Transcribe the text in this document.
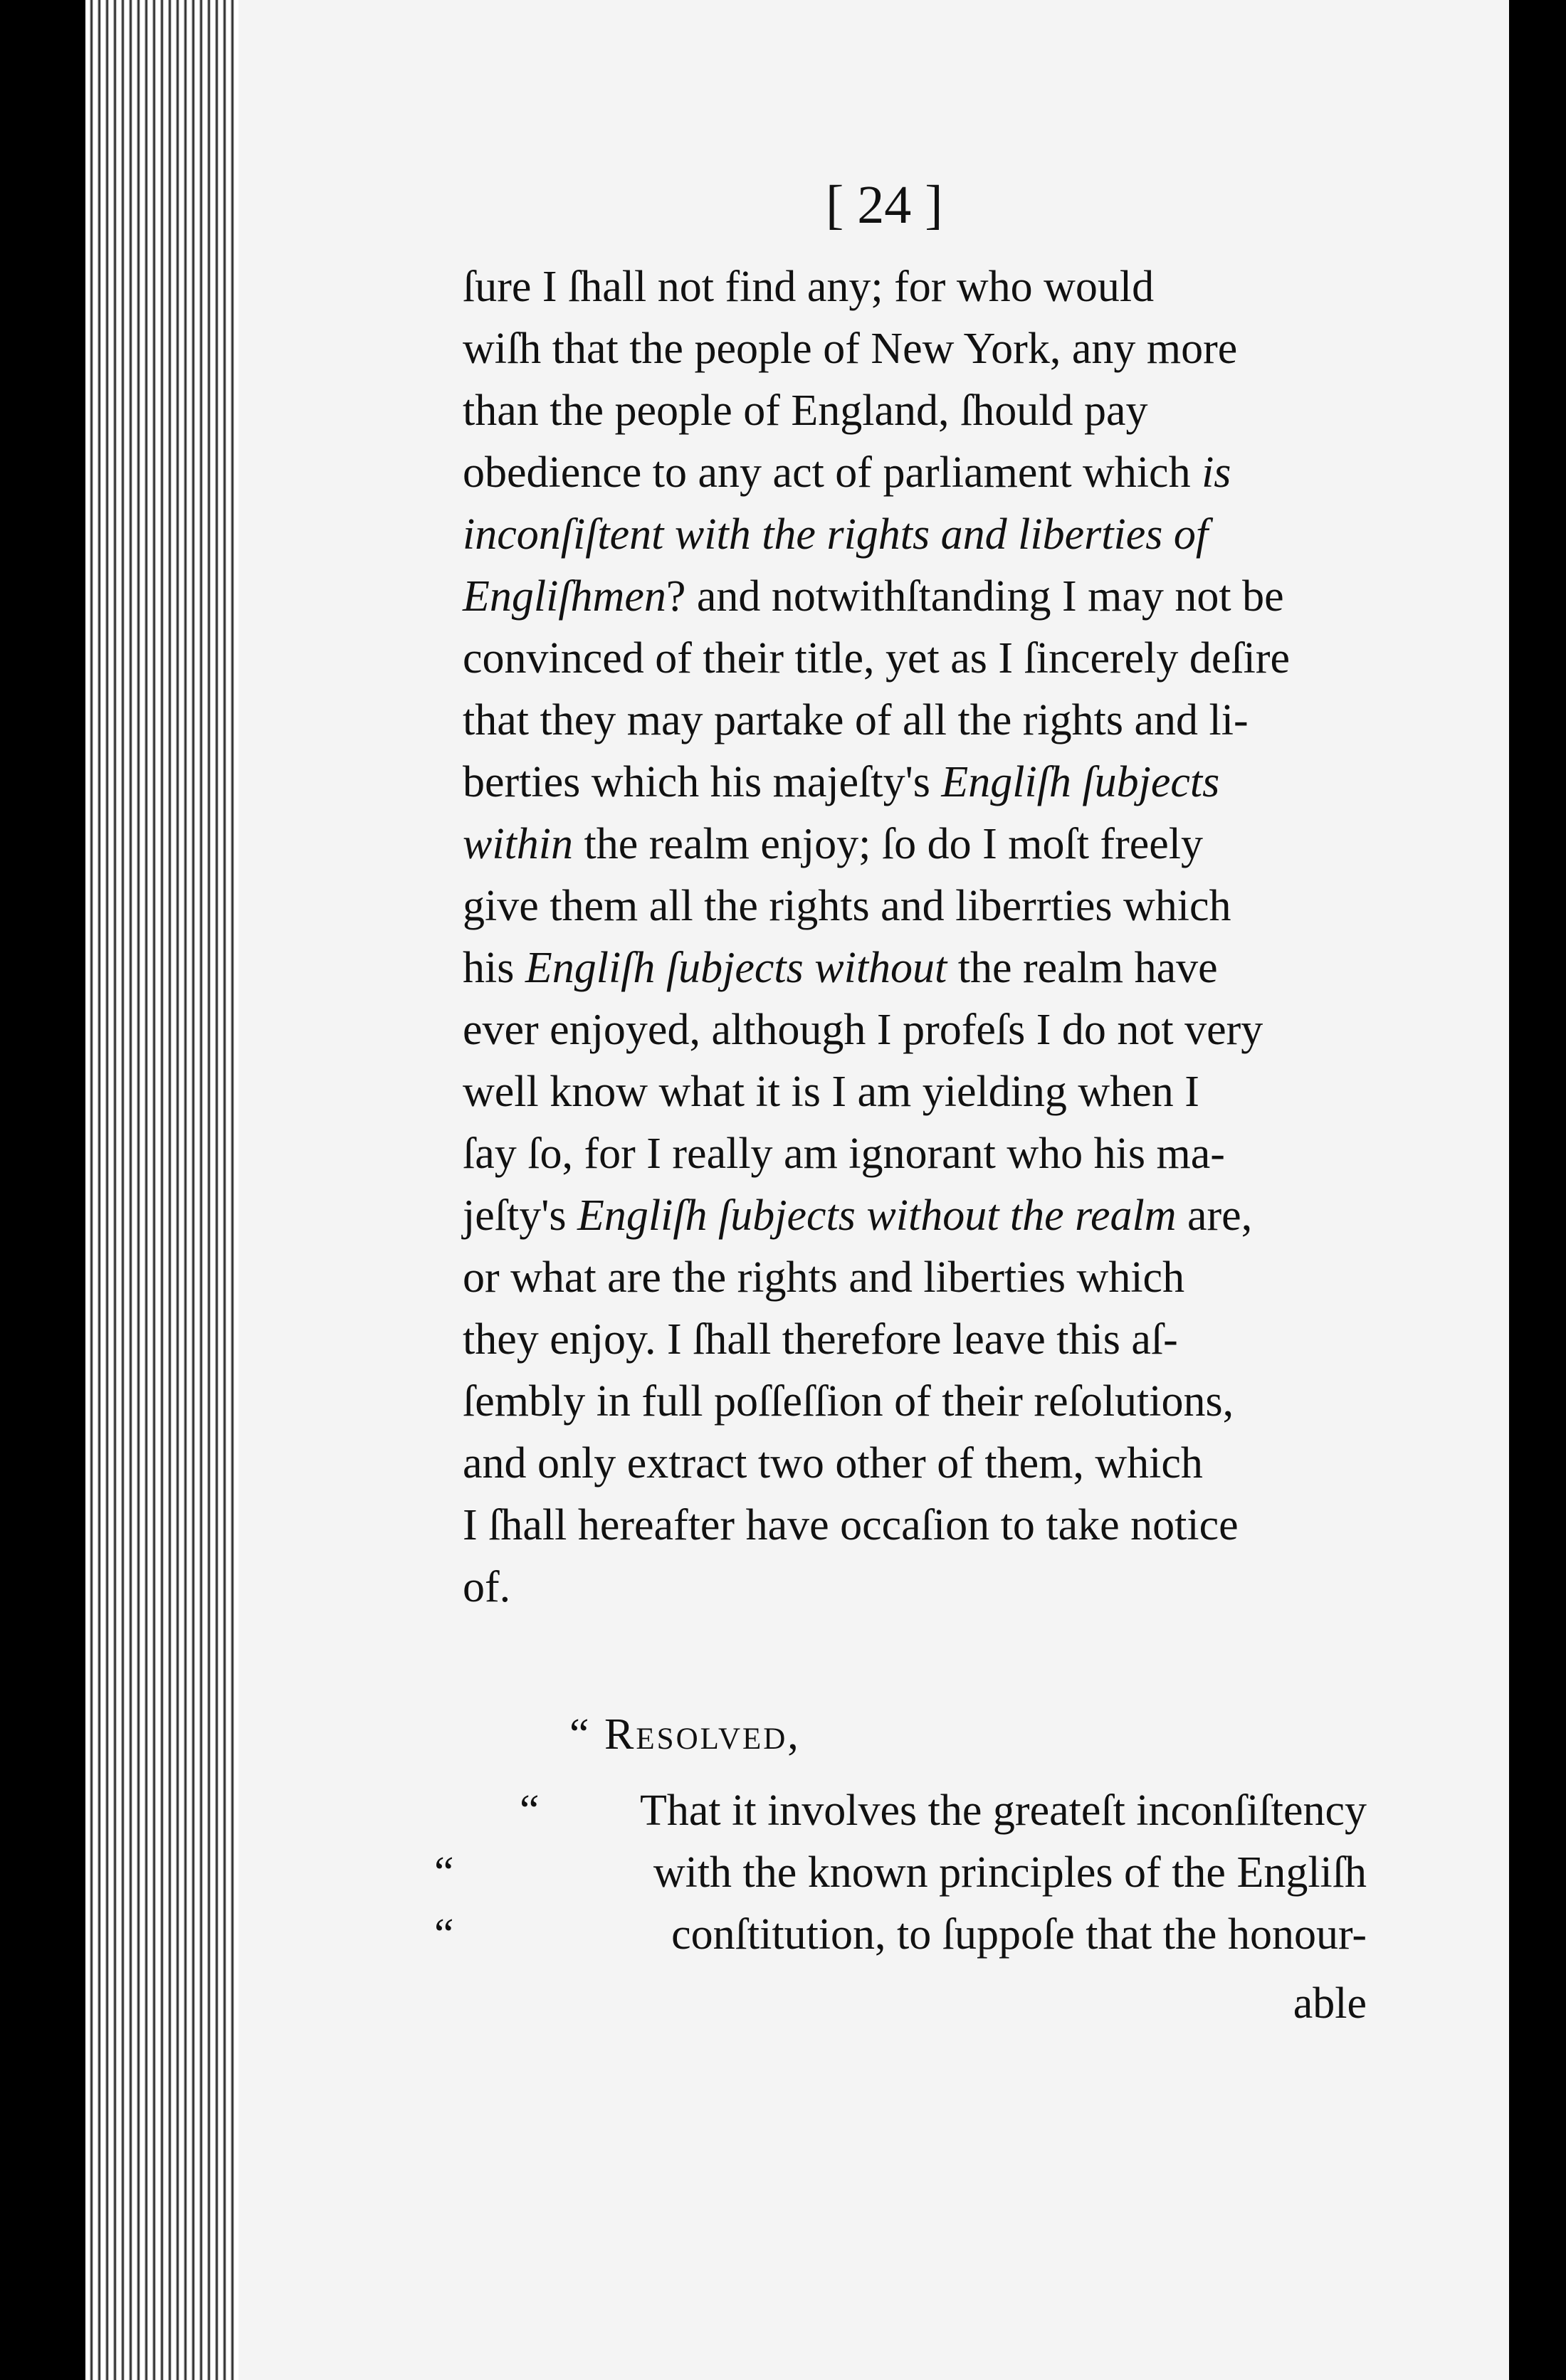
[ 24 ]
ſure I ſhall not find any; for who would
wiſh that the people of New York, any more
than the people of England, ſhould pay
obedience to any act of parliament which is
inconſiſtent with the rights and liberties of
Engliſhmen? and notwithſtanding I may not be
convinced of their title, yet as I ſincerely deſire
that they may partake of all the rights and li-
berties which his majeſty's Engliſh ſubjects
within the realm enjoy; ſo do I moſt freely
give them all the rights and liberrties which
his Engliſh ſubjects without the realm have
ever enjoyed, although I profeſs I do not very
well know what it is I am yielding when I
ſay ſo, for I really am ignorant who his ma-
jeſty's Engliſh ſubjects without the realm are,
or what are the rights and liberties which
they enjoy. I ſhall therefore leave this aſ-
ſembly in full poſſeſſion of their reſolutions,
and only extract two other of them, which
I ſhall hereafter have occaſion to take notice
of.
“
Resolved,
“	That it involves the greateſt inconſiſtency
“	with the known principles of the Engliſh
“	conſtitution, to ſuppoſe that the honour-
able
